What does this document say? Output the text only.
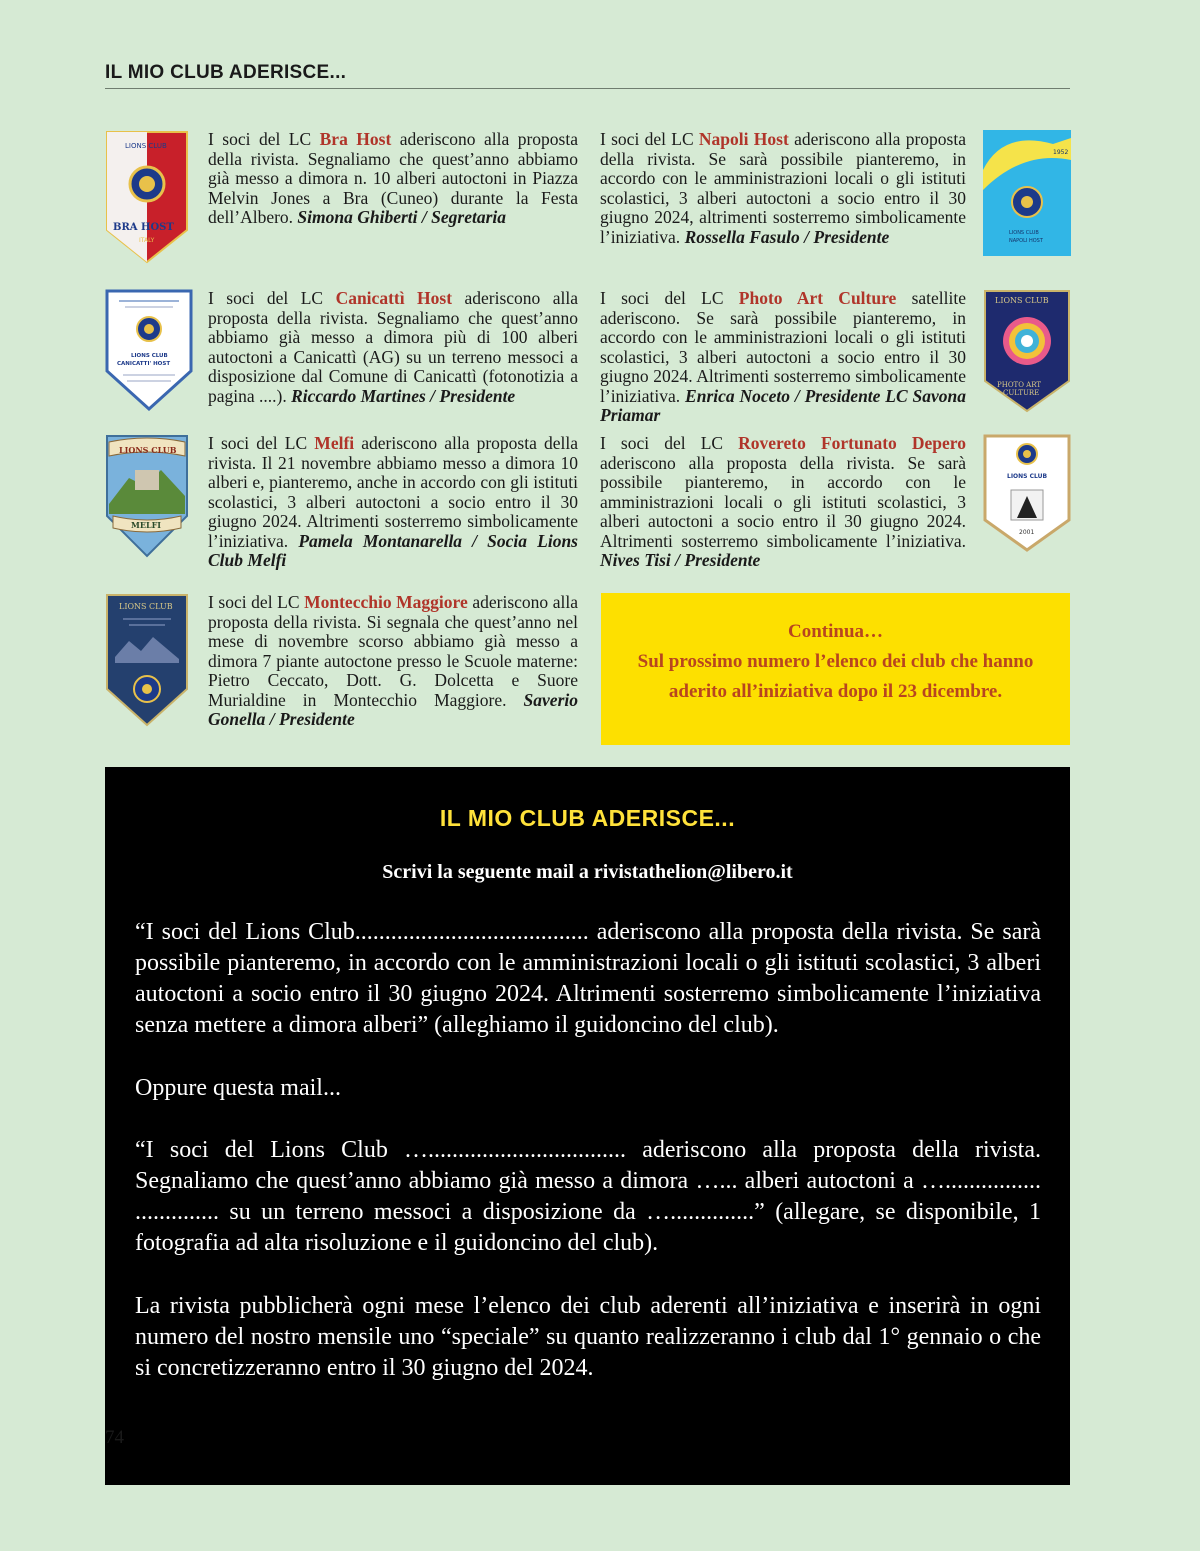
IL MIO CLUB ADERISCE...
LIONS CLUB
BRA HOST
ITALY
I soci del LC Bra Host aderiscono alla proposta della rivista. Segnaliamo che quest’anno abbiamo già messo a dimora n. 10 alberi autoctoni in Piazza Melvin Jones a Bra (Cuneo) durante la Festa dell’Albero. Simona Ghiberti / Segretaria
I soci del LC Napoli Host aderiscono alla proposta della rivista. Se sarà possibile pianteremo, in accordo con le amministrazioni locali o gli istituti scolastici, 3 alberi autoctoni a socio entro il 30 giugno 2024, altrimenti sosterremo simbolicamente l’iniziativa. Rossella Fasulo / Presidente
1952
LIONS CLUB
NAPOLI HOST
LIONS CLUB
CANICATTI' HOST
I soci del LC Canicattì Host aderiscono alla proposta della rivista. Segnaliamo che quest’anno abbiamo già messo a dimora più di 100 alberi autoctoni a Canicattì (AG) su un terreno messoci a disposizione dal Comune di Canicattì (fotonotizia a pagina ....). Riccardo Martines / Presidente
I soci del LC Photo Art Culture satellite aderiscono. Se sarà possibile pianteremo, in accordo con le amministrazioni locali o gli istituti scolastici, 3 alberi autoctoni a socio entro il 30 giugno 2024. Altrimenti sosterremo simbolicamente l’iniziativa. Enrica Noceto / Presidente LC Savona Priamar
LIONS CLUB
PHOTO ART
CULTURE
LIONS CLUB
MELFI
I soci del LC Melfi aderiscono alla proposta della rivista. Il 21 novembre abbiamo messo a dimora 10 alberi e, pianteremo, anche in accordo con gli istituti scolastici, 3 alberi autoctoni a socio entro il 30 giugno 2024. Altrimenti sosterremo simbolicamente l’iniziativa. Pamela Montanarella / Socia Lions Club Melfi
I soci del LC Rovereto Fortunato Depero aderiscono alla proposta della rivista. Se sarà possibile pianteremo, in accordo con le amministrazioni locali o gli istituti scolastici, 3 alberi autoctoni a socio entro il 30 giugno 2024. Altrimenti sosterremo simbolicamente l’iniziativa. Nives Tisi / Presidente
LIONS CLUB
2001
LIONS CLUB I soci del LC Montecchio Maggiore aderiscono alla proposta della rivista. Si segnala che quest’anno nel mese di novembre scorso abbiamo già messo a dimora 7 piante autoctone presso le Scuole materne: Pietro Ceccato, Dott. G. Dolcetta e Suore Murialdine in Montecchio Maggiore. Saverio Gonella / Presidente
Continua…
Sul prossimo numero l’elenco dei club che hanno
aderito all’iniziativa dopo il 23 dicembre.
IL MIO CLUB ADERISCE...
Scrivi la seguente mail a rivistathelion@libero.it
“I soci del Lions Club....................................... aderiscono alla proposta della rivista. Se sarà possibile pianteremo, in accordo con le amministrazioni locali o gli istituti scolastici, 3 alberi autoctoni a socio entro il 30 giugno 2024. Altrimenti sosterremo simbolicamente l’iniziativa senza mettere a dimora alberi” (alleghiamo il guidoncino del club).
Oppure questa mail...
“I soci del Lions Club …................................. aderiscono alla proposta della rivista. Segnaliamo che quest’anno abbiamo già messo a dimora …... alberi autoctoni a …................ .............. su un terreno messoci a disposizione da …..............” (allegare, se disponibile, 1 fotografia ad alta risoluzione e il guidoncino del club).
La rivista pubblicherà ogni mese l’elenco dei club aderenti all’iniziativa e inserirà in ogni numero del nostro mensile uno “speciale” su quanto realizzeranno i club dal 1° gennaio o che si concretizzeranno entro il 30 giugno del 2024.
74
